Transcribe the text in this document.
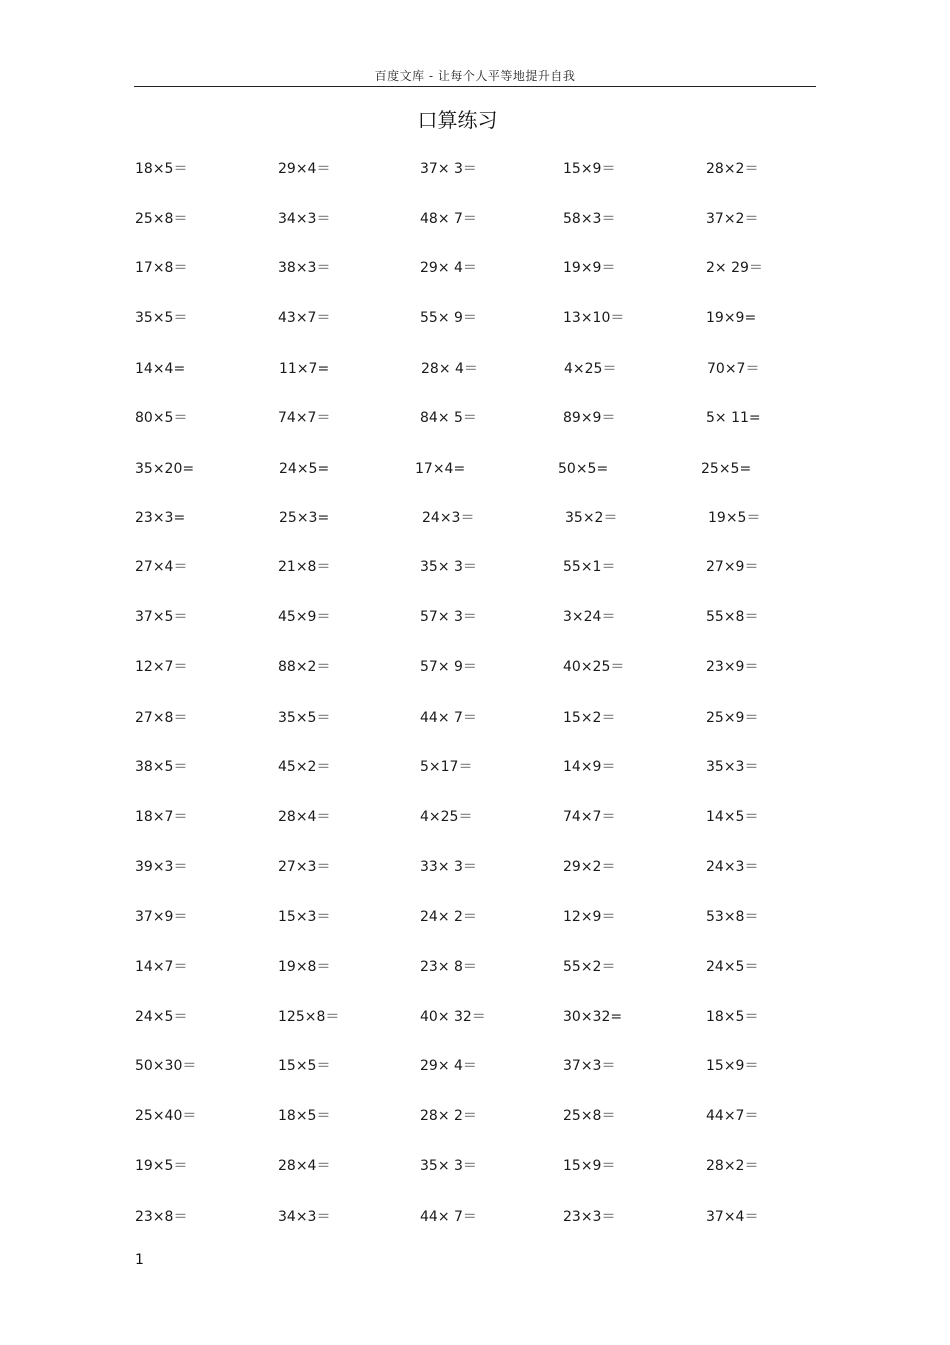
百度文库 - 让每个人平等地提升自我
口算练习
18×5＝	29×4＝	37× 3＝	15×9＝	28×2＝
25×8＝	34×3＝	48× 7＝	58×3＝	37×2＝
17×8＝	38×3＝	29× 4＝	19×9＝	2× 29＝
35×5＝	43×7＝	55× 9＝	13×10＝	19×9=
14×4=	11×7=	28× 4＝	4×25＝	70×7＝
80×5＝	74×7＝	84× 5＝	89×9＝	5× 11=
35×20=	24×5=	17×4=	50×5=	25×5=
23×3=	25×3=	24×3＝	35×2＝	19×5＝
27×4＝	21×8＝	35× 3＝	55×1＝	27×9＝
37×5＝	45×9＝	57× 3＝	3×24＝	55×8＝
12×7＝	88×2＝	57× 9＝	40×25＝	23×9＝
27×8＝	35×5＝	44× 7＝	15×2＝	25×9＝
38×5＝	45×2＝	5×17＝	14×9＝	35×3＝
18×7＝	28×4＝	4×25＝	74×7＝	14×5＝
39×3＝	27×3＝	33× 3＝	29×2＝	24×3＝
37×9＝	15×3＝	24× 2＝	12×9＝	53×8＝
14×7＝	19×8＝	23× 8＝	55×2＝	24×5＝
24×5＝	125×8＝	40× 32＝	30×32=	18×5＝
50×30＝	15×5＝	29× 4＝	37×3＝	15×9＝
25×40＝	18×5＝	28× 2＝	25×8＝	44×7＝
19×5＝	28×4＝	35× 3＝	15×9＝	28×2＝
23×8＝	34×3＝	44× 7＝	23×3＝	37×4＝
1
